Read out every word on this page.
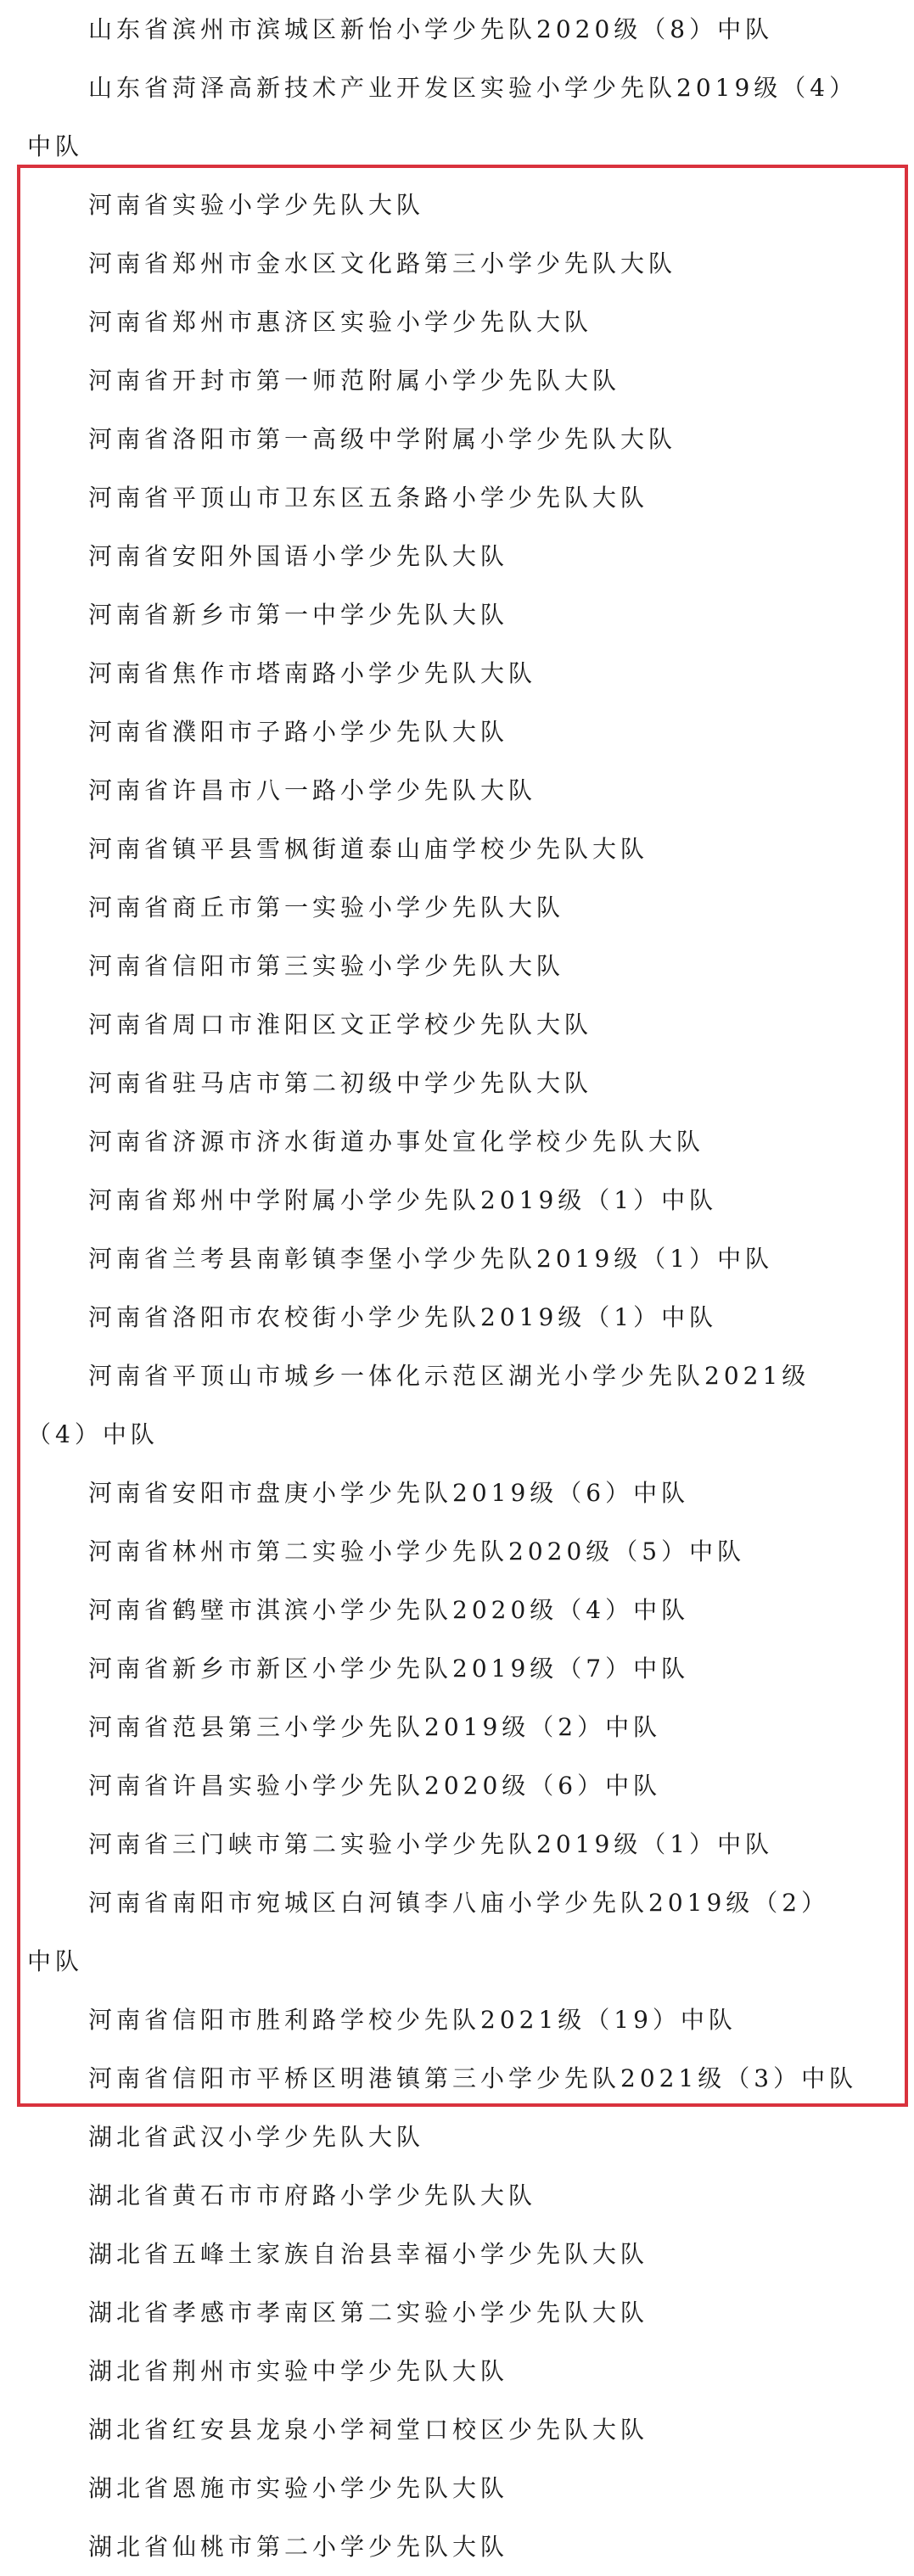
山东省滨州市滨城区新怡小学少先队2020级（8）中队
山东省菏泽高新技术产业开发区实验小学少先队2019级（4）
中队
河南省实验小学少先队大队
河南省郑州市金水区文化路第三小学少先队大队
河南省郑州市惠济区实验小学少先队大队
河南省开封市第一师范附属小学少先队大队
河南省洛阳市第一高级中学附属小学少先队大队
河南省平顶山市卫东区五条路小学少先队大队
河南省安阳外国语小学少先队大队
河南省新乡市第一中学少先队大队
河南省焦作市塔南路小学少先队大队
河南省濮阳市子路小学少先队大队
河南省许昌市八一路小学少先队大队
河南省镇平县雪枫街道泰山庙学校少先队大队
河南省商丘市第一实验小学少先队大队
河南省信阳市第三实验小学少先队大队
河南省周口市淮阳区文正学校少先队大队
河南省驻马店市第二初级中学少先队大队
河南省济源市济水街道办事处宣化学校少先队大队
河南省郑州中学附属小学少先队2019级（1）中队
河南省兰考县南彰镇李堡小学少先队2019级（1）中队
河南省洛阳市农校街小学少先队2019级（1）中队
河南省平顶山市城乡一体化示范区湖光小学少先队2021级
（4）中队
河南省安阳市盘庚小学少先队2019级（6）中队
河南省林州市第二实验小学少先队2020级（5）中队
河南省鹤壁市淇滨小学少先队2020级（4）中队
河南省新乡市新区小学少先队2019级（7）中队
河南省范县第三小学少先队2019级（2）中队
河南省许昌实验小学少先队2020级（6）中队
河南省三门峡市第二实验小学少先队2019级（1）中队
河南省南阳市宛城区白河镇李八庙小学少先队2019级（2）
中队
河南省信阳市胜利路学校少先队2021级（19）中队
河南省信阳市平桥区明港镇第三小学少先队2021级（3）中队
湖北省武汉小学少先队大队
湖北省黄石市市府路小学少先队大队
湖北省五峰土家族自治县幸福小学少先队大队
湖北省孝感市孝南区第二实验小学少先队大队
湖北省荆州市实验中学少先队大队
湖北省红安县龙泉小学祠堂口校区少先队大队
湖北省恩施市实验小学少先队大队
湖北省仙桃市第二小学少先队大队
